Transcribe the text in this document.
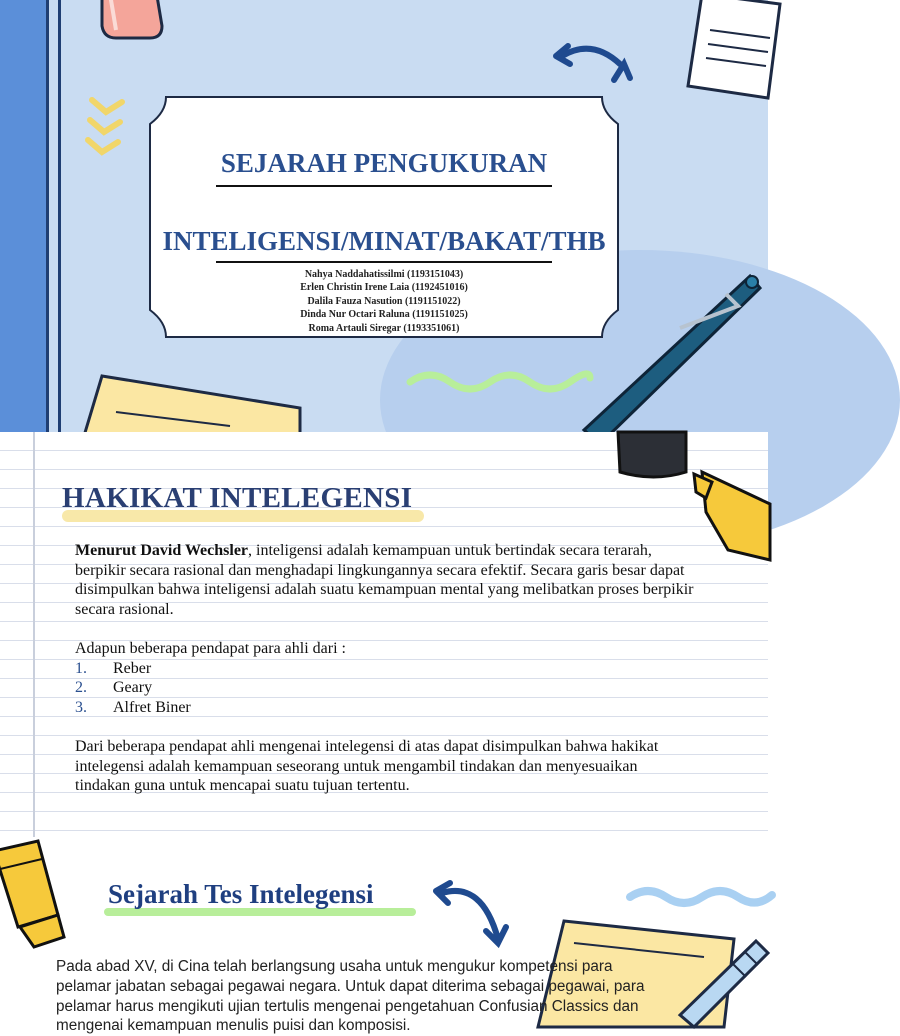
SEJARAH PENGUKURAN
INTELIGENSI/MINAT/BAKAT/THB
Nahya Naddahatissilmi (1193151043)
Erlen Christin Irene Laia (1192451016)
Dalila Fauza Nasution (1191151022)
Dinda Nur Octari Raluna (1191151025)
Roma Artauli Siregar (1193351061)
HAKIKAT INTELEGENSI

Menurut David Wechsler, inteligensi adalah kemampuan untuk bertindak secara terarah, berpikir secara rasional dan menghadapi lingkungannya secara efektif. Secara garis besar dapat disimpulkan bahwa inteligensi adalah suatu kemampuan mental yang melibatkan proses berpikir secara rasional.

Adapun beberapa pendapat para ahli dari :

1. Reber
2. Geary
3. Alfret Biner

Dari beberapa pendapat ahli mengenai intelegensi di atas dapat disimpulkan bahwa hakikat intelegensi adalah kemampuan seseorang untuk mengambil tindakan dan menyesuaikan tindakan guna untuk mencapai suatu tujuan tertentu.

Sejarah Tes Intelegensi
Pada abad XV, di Cina telah berlangsung usaha untuk mengukur kompetensi para pelamar jabatan sebagai pegawai negara. Untuk dapat diterima sebagai pegawai, para pelamar harus mengikuti ujian tertulis mengenai pengetahuan Confusian Classics dan mengenai kemampuan menulis puisi dan komposisi.
